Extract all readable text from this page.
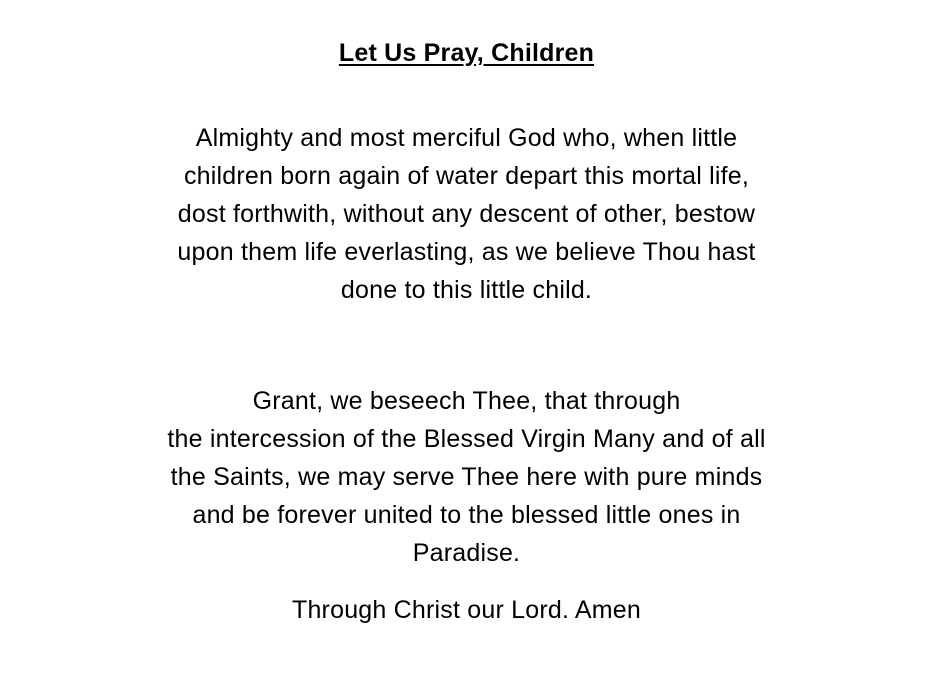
Let Us Pray, Children
Almighty and most merciful God who, when little
children born again of water depart this mortal life,
dost forthwith, without any descent of other, bestow
upon them life everlasting, as we believe Thou hast
done to this little child.
Grant, we beseech Thee, that through
the intercession of the Blessed Virgin Many and of all
the Saints, we may serve Thee here with pure minds
and be forever united to the blessed little ones in
Paradise.
Through Christ our Lord. Amen
